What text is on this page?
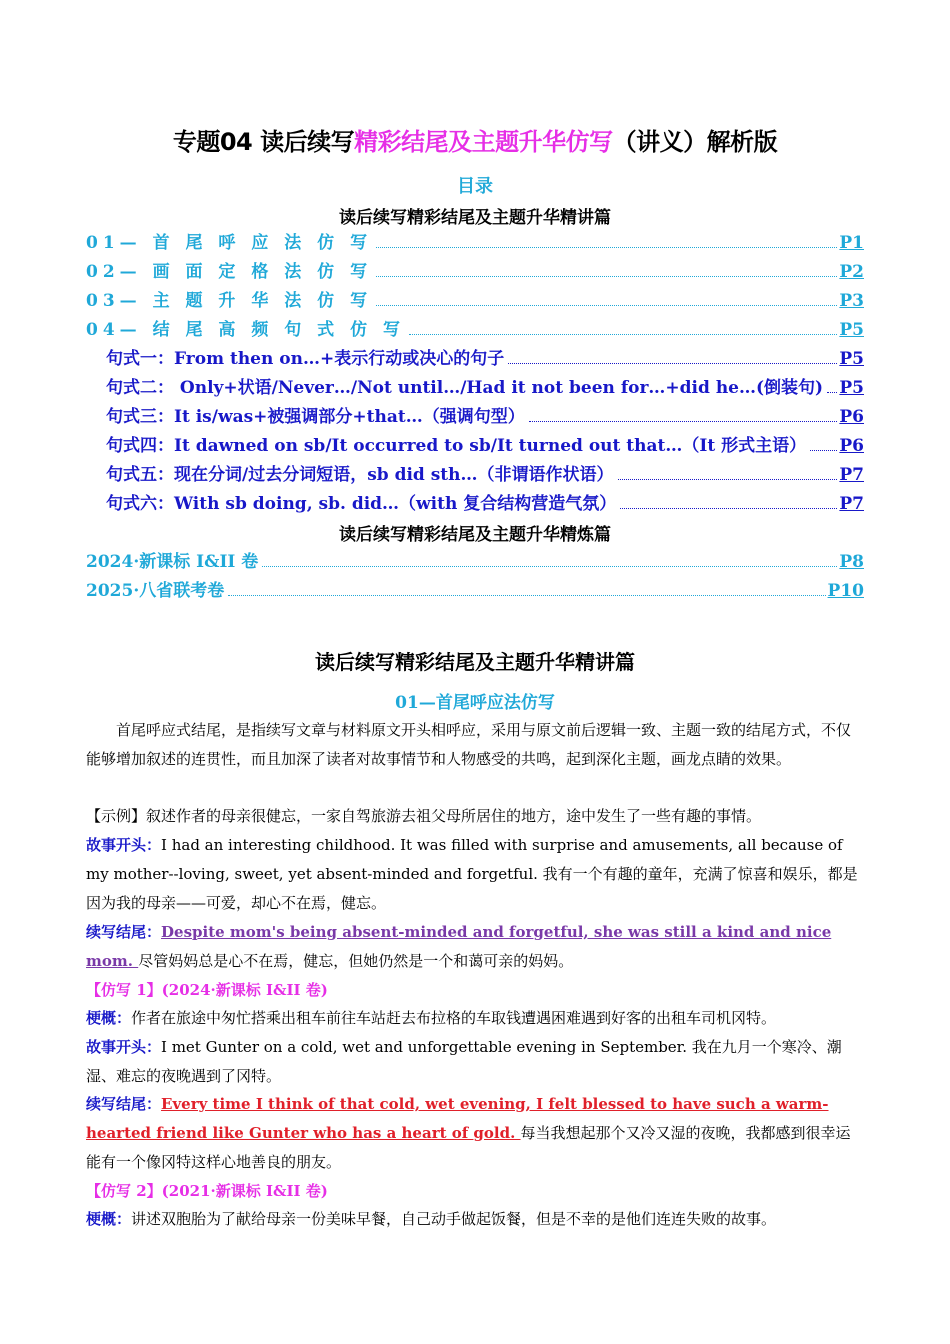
专题04 读后续写精彩结尾及主题升华仿写（讲义）解析版
目录
读后续写精彩结尾及主题升华精讲篇
01— 首 尾 呼 应 法 仿 写	P1
02— 画 面 定 格 法 仿 写	P2
03— 主 题 升 华 法 仿 写	P3
04— 结 尾 高 频 句 式 仿 写	P5
句式一：From then on…+表示行动或决心的句子	P5
句式二： Only+状语/Never…/Not until…/Had it not been for…+did he…(倒装句) P5
句式三：It is/was+被强调部分+that…（强调句型）	P6
句式四：It dawned on sb/It occurred to sb/It turned out that…（It 形式主语） P6
句式五：现在分词/过去分词短语，sb did sth…（非谓语作状语）	P7
句式六：With sb doing, sb. did…（with 复合结构营造气氛）	P7
读后续写精彩结尾及主题升华精炼篇
2024·新课标 I&II 卷	P8
2025·八省联考卷	P10
读后续写精彩结尾及主题升华精讲篇
01—首尾呼应法仿写
首尾呼应式结尾，是指续写文章与材料原文开头相呼应，采用与原文前后逻辑一致、主题一致的结尾方式，不仅能够增加叙述的连贯性，而且加深了读者对故事情节和人物感受的共鸣，起到深化主题，画龙点睛的效果。
【示例】叙述作者的母亲很健忘，一家自驾旅游去祖父母所居住的地方，途中发生了一些有趣的事情。
故事开头：I had an interesting childhood. It was filled with surprise and amusements, all because of my mother--loving, sweet, yet absent-minded and forgetful. 我有一个有趣的童年，充满了惊喜和娱乐，都是因为我的母亲——可爱，却心不在焉，健忘。
续写结尾：Despite mom's being absent-minded and forgetful, she was still a kind and nice mom. 尽管妈妈总是心不在焉，健忘，但她仍然是一个和蔼可亲的妈妈。
【仿写 1】(2024·新课标 I&II 卷)
梗概：作者在旅途中匆忙搭乘出租车前往车站赶去布拉格的车取钱遭遇困难遇到好客的出租车司机冈特。
故事开头：I met Gunter on a cold, wet and unforgettable evening in September. 我在九月一个寒冷、潮湿、难忘的夜晚遇到了冈特。
续写结尾：Every time I think of that cold, wet evening, I felt blessed to have such a warm-hearted friend like Gunter who has a heart of gold. 每当我想起那个又冷又湿的夜晚，我都感到很幸运能有一个像冈特这样心地善良的朋友。
【仿写 2】(2021·新课标 I&II 卷)
梗概：讲述双胞胎为了献给母亲一份美味早餐，自己动手做起饭餐，但是不幸的是他们连连失败的故事。
